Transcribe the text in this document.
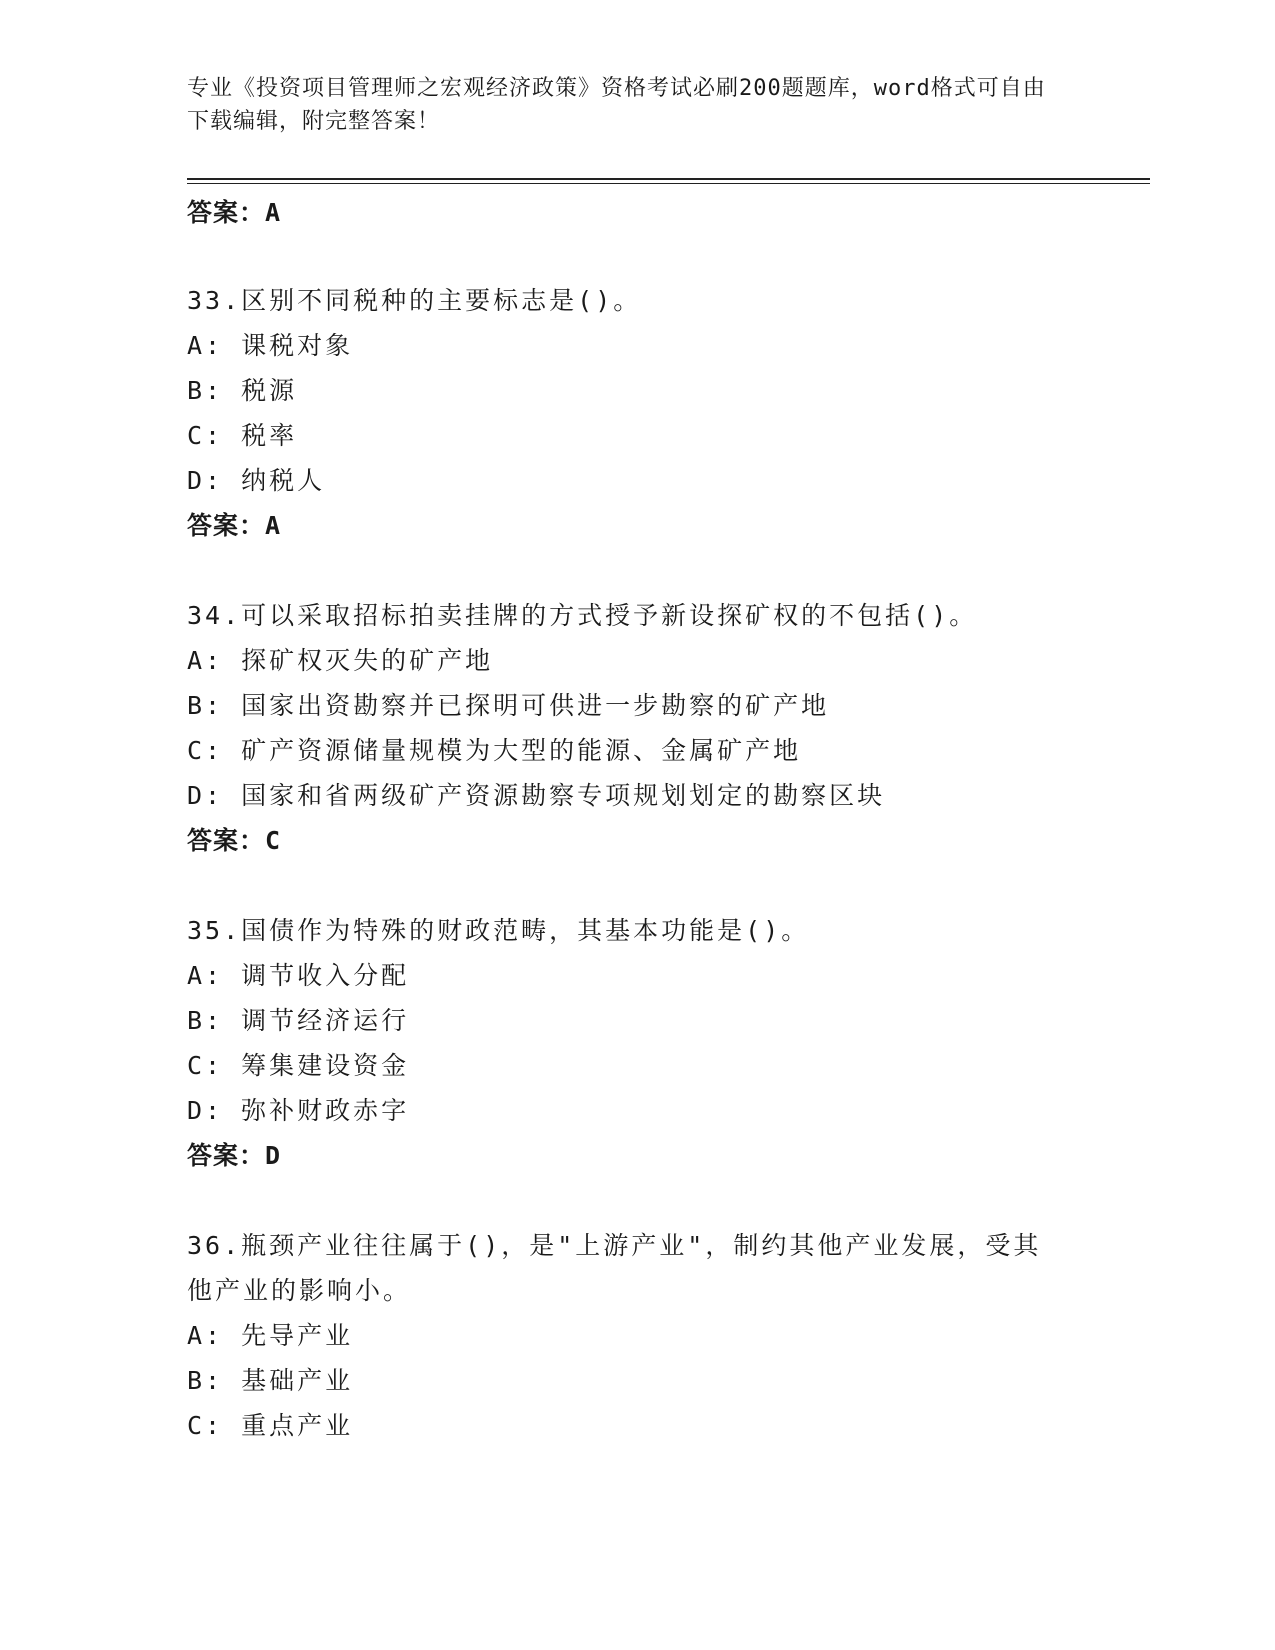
专业《投资项目管理师之宏观经济政策》资格考试必刷200题题库，word格式可自由下载编辑，附完整答案！

答案：A

33.区别不同税种的主要标志是()。

A: 课税对象

B: 税源

C: 税率

D: 纳税人

答案：A

34.可以采取招标拍卖挂牌的方式授予新设探矿权的不包括()。

A: 探矿权灭失的矿产地

B: 国家出资勘察并已探明可供进一步勘察的矿产地

C: 矿产资源储量规模为大型的能源、金属矿产地

D: 国家和省两级矿产资源勘察专项规划划定的勘察区块

答案：C

35.国债作为特殊的财政范畴，其基本功能是()。

A: 调节收入分配

B: 调节经济运行

C: 筹集建设资金

D: 弥补财政赤字

答案：D

36.瓶颈产业往往属于()，是"上游产业"，制约其他产业发展，受其他产业的影响小。

A: 先导产业

B: 基础产业

C: 重点产业
